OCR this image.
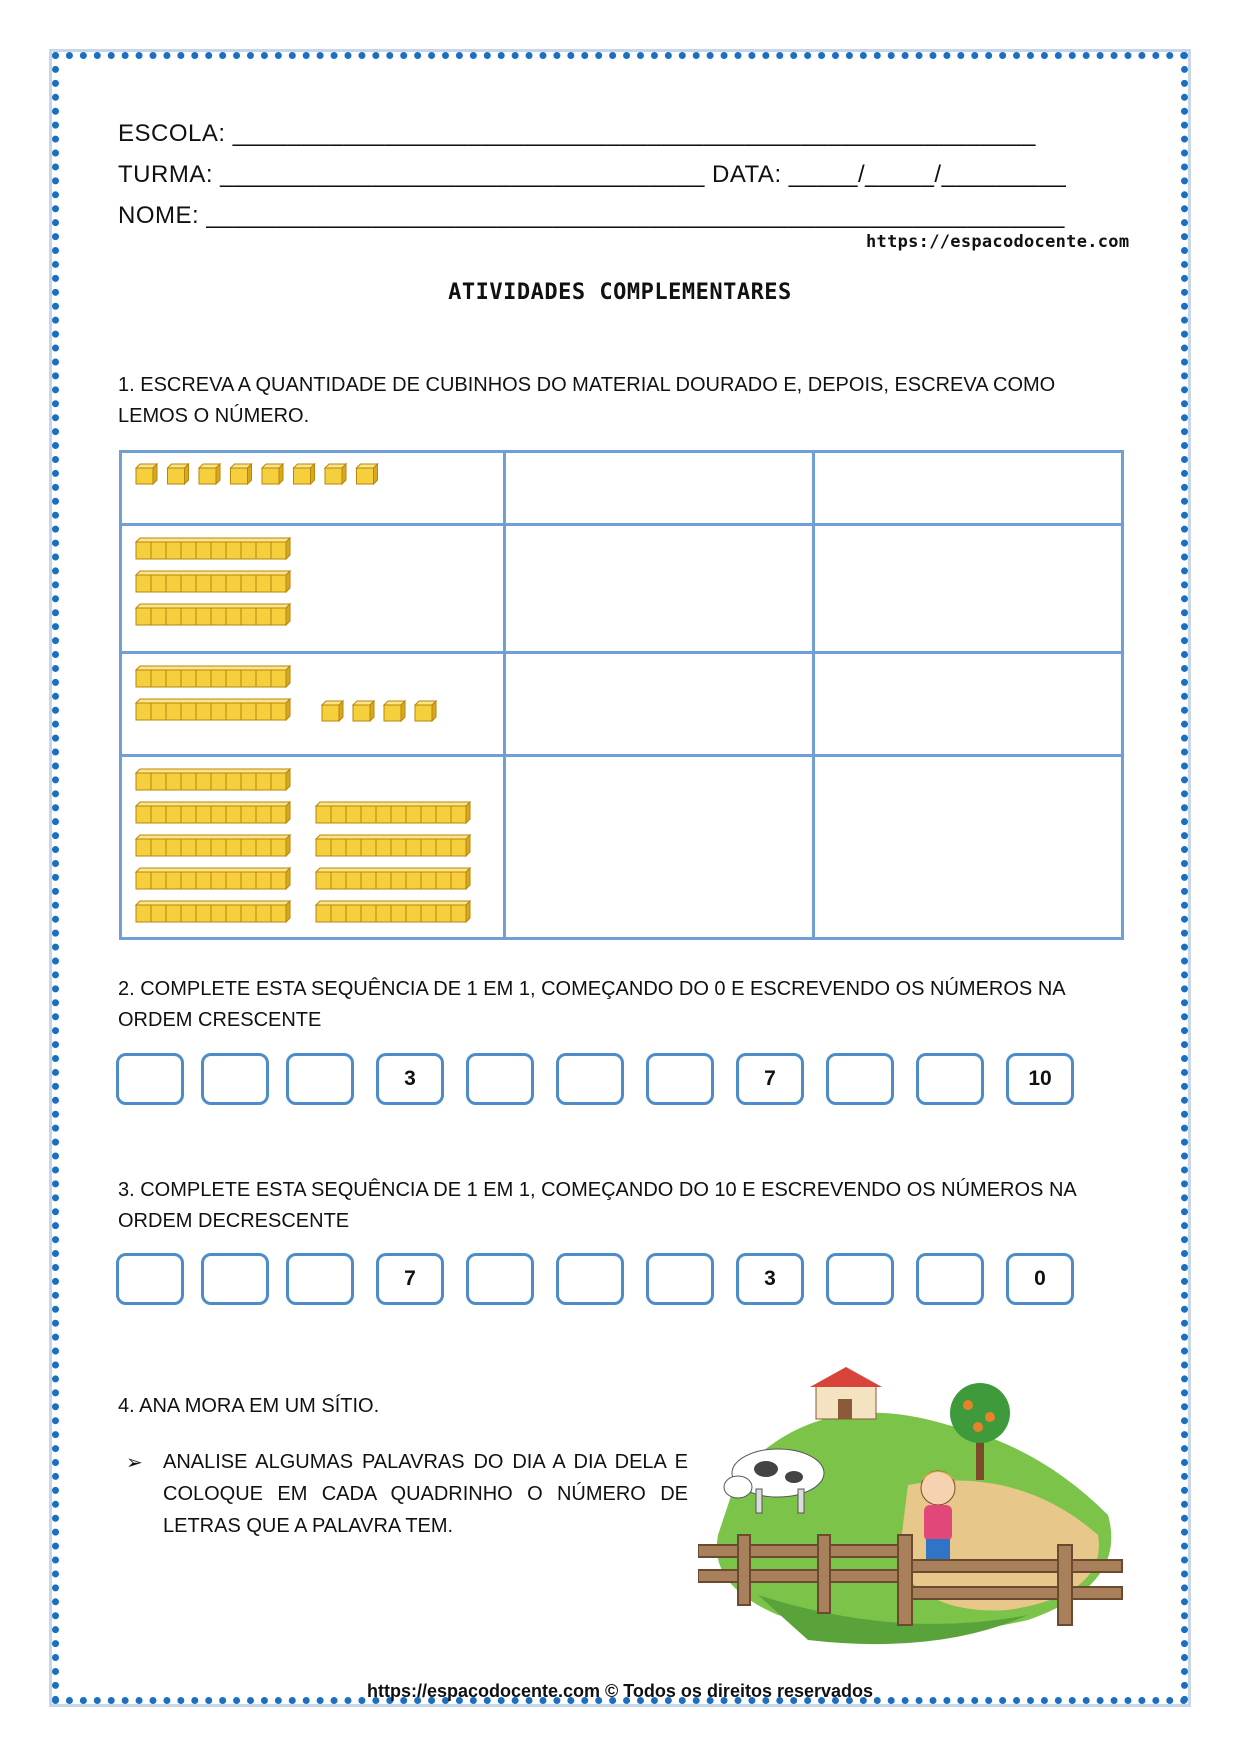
ESCOLA: __________________________________________________________
TURMA: ___________________________________ DATA: _____/_____/_________
NOME: ______________________________________________________________
https://espacodocente.com
ATIVIDADES COMPLEMENTARES
1. ESCREVA A QUANTIDADE DE CUBINHOS DO MATERIAL DOURADO E, DEPOIS, ESCREVA COMO LEMOS O NÚMERO.

2. COMPLETE ESTA SEQUÊNCIA DE 1 EM 1, COMEÇANDO DO 0 E ESCREVENDO OS NÚMEROS NA ORDEM CRESCENTE
3	7	10
3. COMPLETE ESTA SEQUÊNCIA DE 1 EM 1, COMEÇANDO DO 10 E ESCREVENDO OS NÚMEROS NA ORDEM DECRESCENTE
7	3	0
4. ANA MORA EM UM SÍTIO.
➢ ANALISE ALGUMAS PALAVRAS DO DIA A DIA DELA E COLOQUE EM CADA QUADRINHO O NÚMERO DE LETRAS QUE A PALAVRA TEM.
https://espacodocente.com © Todos os direitos reservados
